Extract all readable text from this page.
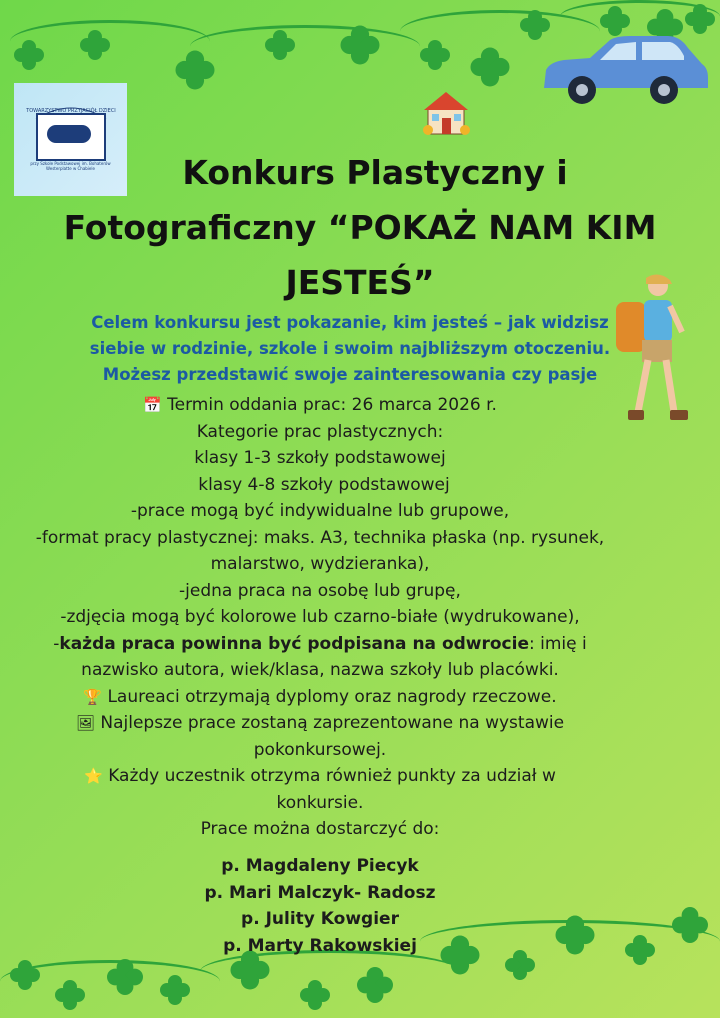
przy Szkole Podstawowej im. Bohaterów Westerplatte w Chabiele	Konkurs Plastyczny i
Fotograficzny “POKAŻ NAM KIM
JESTEŚ”
Celem konkursu jest pokazanie, kim jesteś – jak widzisz
siebie w rodzinie, szkole i swoim najbliższym otoczeniu.
Możesz przedstawić swoje zainteresowania czy pasje
📅 Termin oddania prac: 26 marca 2026 r.
Kategorie prac plastycznych:
klasy 1-3 szkoły podstawowej
klasy 4-8 szkoły podstawowej
-prace mogą być indywidualne lub grupowe,
-format pracy plastycznej: maks. A3, technika płaska (np. rysunek,
malarstwo, wydzieranka),
-jedna praca na osobę lub grupę,
-zdjęcia mogą być kolorowe lub czarno-białe (wydrukowane),
-każda praca powinna być podpisana na odwrocie: imię i
nazwisko autora, wiek/klasa, nazwa szkoły lub placówki.
🏆 Laureaci otrzymają dyplomy oraz nagrody rzeczowe.
🖼 Najlepsze prace zostaną zaprezentowane na wystawie
pokonkursowej.
⭐ Każdy uczestnik otrzyma również punkty za udział w
konkursie.
Prace można dostarczyć do:
p. Magdaleny Piecyk
p. Mari Malczyk- Radosz
p. Julity Kowgier
p. Marty Rakowskiej
TOWARZYSTWO PRZYJACIÓŁ DZIECI
